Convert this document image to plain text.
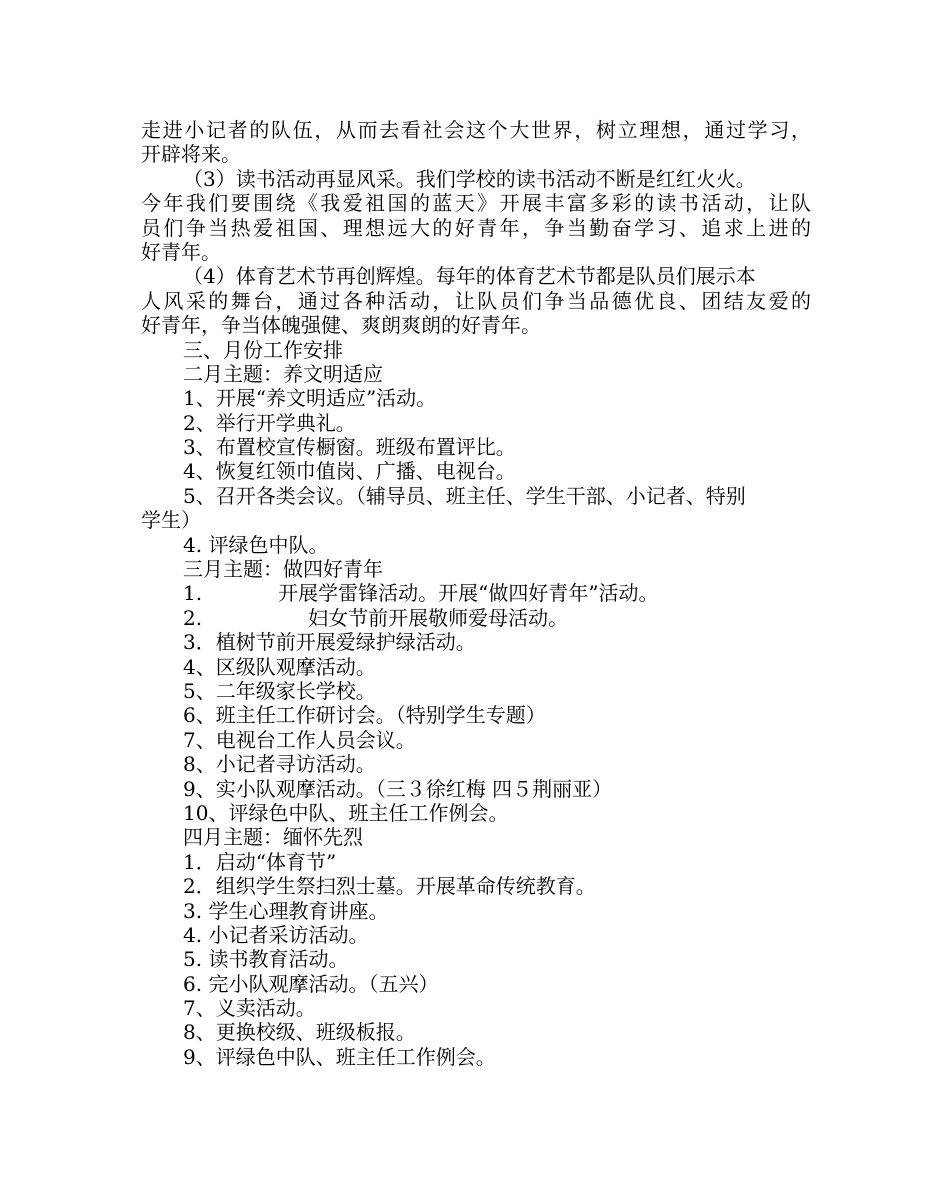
走进小记者的队伍，从而去看社会这个大世界，树立理想，通过学习，
开辟将来。
（3）读书活动再显风采。我们学校的读书活动不断是红红火火。
今年我们要围绕《我爱祖国的蓝天》开展丰富多彩的读书活动，让队
员们争当热爱祖国、理想远大的好青年，争当勤奋学习、追求上进的
好青年。
（4）体育艺术节再创辉煌。每年的体育艺术节都是队员们展示本
人风采的舞台，通过各种活动，让队员们争当品德优良、团结友爱的
好青年，争当体魄强健、爽朗爽朗的好青年。
三、月份工作安排
二月主题：养文明适应
1、开展“养文明适应”活动。
2、举行开学典礼。
3、布置校宣传橱窗。班级布置评比。
4、恢复红领巾值岗、广播、电视台。
5、召开各类会议。（辅导员、班主任、学生干部、小记者、特别
学生）
4. 评绿色中队。
三月主题：做四好青年
1.	开展学雷锋活动。开展“做四好青年”活动。
2.	妇女节前开展敬师爱母活动。
3．植树节前开展爱绿护绿活动。
4、区级队观摩活动。
5、二年级家长学校。
6、班主任工作研讨会。（特别学生专题）
7、电视台工作人员会议。
8、小记者寻访活动。
9、实小队观摩活动。（三３徐红梅 四５荆丽亚）
10、评绿色中队、班主任工作例会。
四月主题：缅怀先烈
1．启动“体育节”
2．组织学生祭扫烈士墓。开展革命传统教育。
3. 学生心理教育讲座。
4. 小记者采访活动。
5. 读书教育活动。
6. 完小队观摩活动。（五兴）
7、义卖活动。
8、更换校级、班级板报。
9、评绿色中队、班主任工作例会。
